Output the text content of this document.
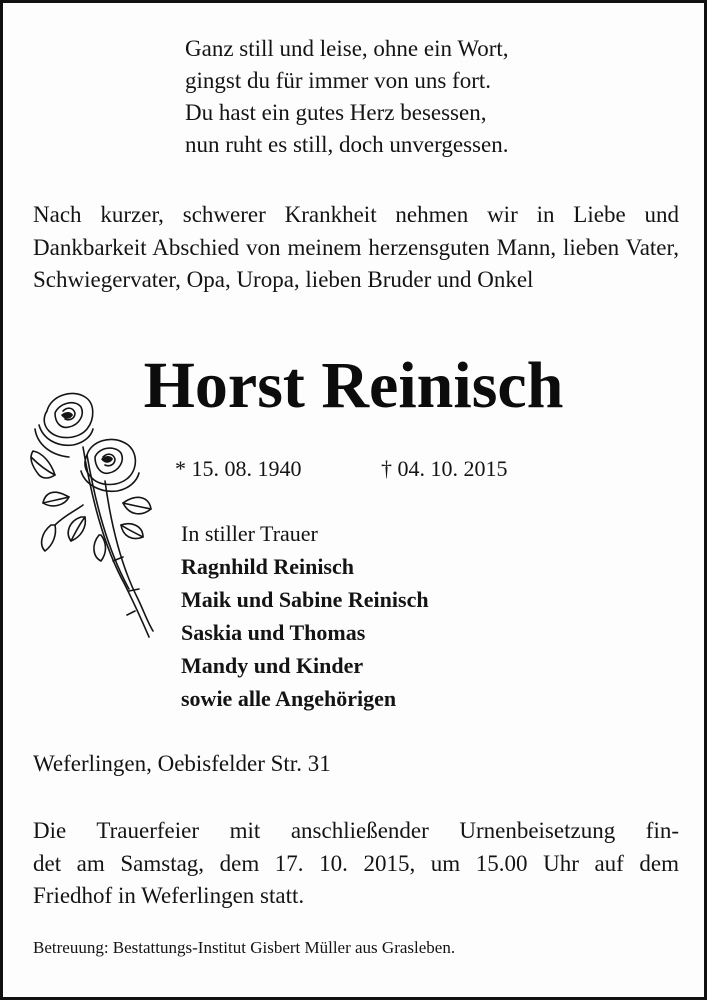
Ganz still und leise, ohne ein Wort,
gingst du für immer von uns fort.
Du hast ein gutes Herz besessen,
nun ruht es still, doch unvergessen.
Nach kurzer, schwerer Krankheit nehmen wir in Liebe und Dankbarkeit Abschied von meinem herzensguten Mann, lieben Vater, Schwiegervater, Opa, Uropa, lieben Bruder und Onkel
Horst Reinisch
* 15. 08. 1940	† 04. 10. 2015
In stiller Trauer
Ragnhild Reinisch
Maik und Sabine Reinisch
Saskia und Thomas
Mandy und Kinder
sowie alle Angehörigen
Weferlingen, Oebisfelder Str. 31
Die Trauerfeier mit anschließender Urnenbeisetzung fin-
det am Samstag, dem 17. 10. 2015, um 15.00 Uhr auf dem
Friedhof in Weferlingen statt.
Betreuung: Bestattungs-Institut Gisbert Müller aus Grasleben.
